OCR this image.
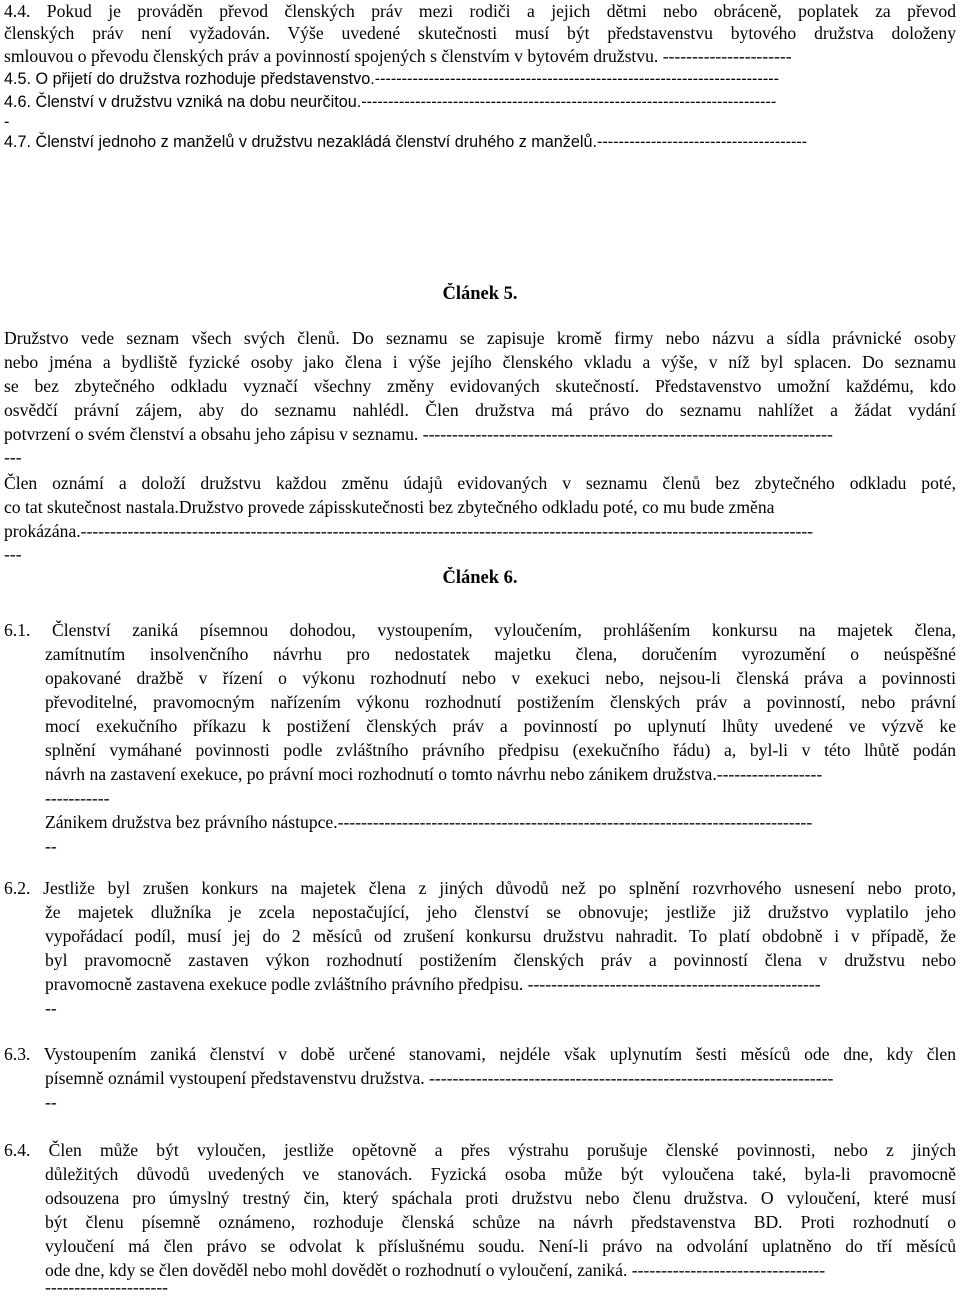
4.4. Pokud je prováděn převod členských práv mezi rodiči a jejich dětmi nebo obráceně, poplatek za převod
členských práv není vyžadován. Výše uvedené skutečnosti musí být představenstvu bytového družstva doloženy
smlouvou o převodu členských práv a povinností spojených s členstvím v bytovém družstvu. ----------------------
4.5. O přijetí do družstva rozhoduje představenstvo.---------------------------------------------------------------------------
4.6. Členství v družstvu vzniká na dobu neurčitou.-----------------------------------------------------------------------------
-
4.7. Členství jednoho z manželů v družstvu nezakládá členství druhého z manželů.---------------------------------------
Článek 5.
Družstvo vede seznam všech svých členů. Do seznamu se zapisuje kromě firmy nebo názvu a sídla právnické osoby
nebo jména a bydliště fyzické osoby jako člena i výše jejího členského vkladu a výše, v níž byl splacen. Do seznamu
se bez zbytečného odkladu vyznačí všechny změny evidovaných skutečností. Představenstvo umožní každému, kdo
osvědčí právní zájem, aby do seznamu nahlédl. Člen družstva má právo do seznamu nahlížet a žádat vydání
potvrzení o svém členství a obsahu jeho zápisu v seznamu. ----------------------------------------------------------------------
---
Člen oznámí a doloží družstvu každou změnu údajů evidovaných v seznamu členů bez zbytečného odkladu poté,
co tat skutečnost nastala.Družstvo provede zápisskutečnosti bez zbytečného odkladu poté, co mu bude změna
prokázána.-----------------------------------------------------------------------------------------------------------------------------
---
Článek 6.
6.1. Členství zaniká písemnou dohodou, vystoupením, vyloučením, prohlášením konkursu na majetek člena,
zamítnutím insolvenčního návrhu pro nedostatek majetku člena, doručením vyrozumění o neúspěšné
opakované dražbě v řízení o výkonu rozhodnutí nebo v exekuci nebo, nejsou-li členská práva a povinnosti
převoditelné, pravomocným nařízením výkonu rozhodnutí postižením členských práv a povinností, nebo právní
mocí exekučního příkazu k postižení členských práv a povinností po uplynutí lhůty uvedené ve výzvě ke
splnění vymáhané povinnosti podle zvláštního právního předpisu (exekučního řádu) a, byl-li v této lhůtě podán
návrh na zastavení exekuce, po právní moci rozhodnutí o tomto návrhu nebo zánikem družstva.------------------
-----------
Zánikem družstva bez právního nástupce.---------------------------------------------------------------------------------
--
6.2. Jestliže byl zrušen konkurs na majetek člena z jiných důvodů než po splnění rozvrhového usnesení nebo proto,
že majetek dlužníka je zcela nepostačující, jeho členství se obnovuje; jestliže již družstvo vyplatilo jeho
vypořádací podíl, musí jej do 2 měsíců od zrušení konkursu družstvu nahradit. To platí obdobně i v případě, že
byl pravomocně zastaven výkon rozhodnutí postižením členských práv a povinností člena v družstvu nebo
pravomocně zastavena exekuce podle zvláštního právního předpisu. --------------------------------------------------
--
6.3. Vystoupením zaniká členství v době určené stanovami, nejdéle však uplynutím šesti měsíců ode dne, kdy člen
písemně oznámil vystoupení představenstvu družstva. ---------------------------------------------------------------------
--
6.4. Člen může být vyloučen, jestliže opětovně a přes výstrahu porušuje členské povinnosti, nebo z jiných
důležitých důvodů uvedených ve stanovách. Fyzická osoba může být vyloučena také, byla-li pravomocně
odsouzena pro úmyslný trestný čin, který spáchala proti družstvu nebo členu družstva. O vyloučení, které musí
být členu písemně oznámeno, rozhoduje členská schůze na návrh představenstva BD. Proti rozhodnutí o
vyloučení má člen právo se odvolat k příslušnému soudu. Není-li právo na odvolání uplatněno do tří měsíců
ode dne, kdy se člen dověděl nebo mohl dovědět o rozhodnutí o vyloučení, zaniká. ---------------------------------
---------------------
